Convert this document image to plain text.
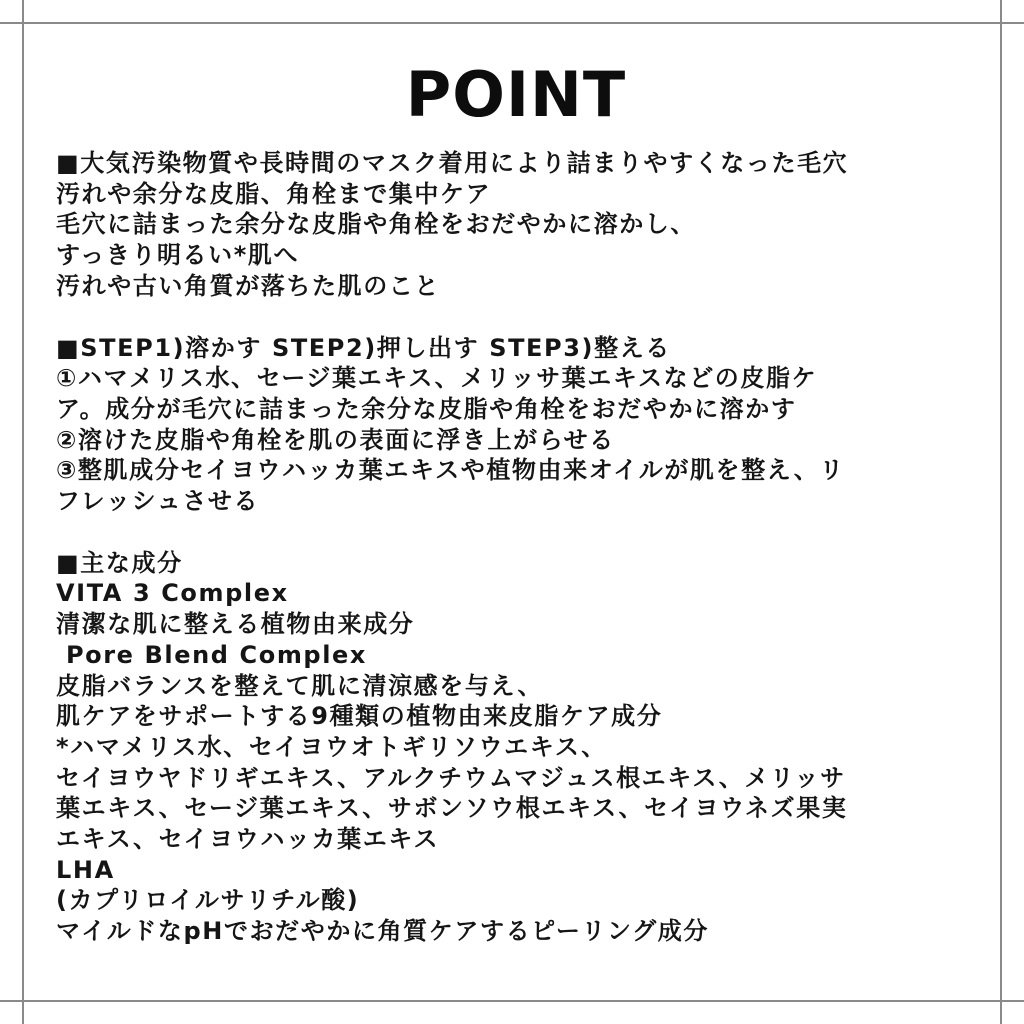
POINT
■大気汚染物質や長時間のマスク着用により詰まりやすくなった毛穴
汚れや余分な皮脂、角栓まで集中ケア
毛穴に詰まった余分な皮脂や角栓をおだやかに溶かし、
すっきり明るい*肌へ
汚れや古い角質が落ちた肌のこと
■STEP1)溶かす STEP2)押し出す STEP3)整える
①ハマメリス水、セージ葉エキス、メリッサ葉エキスなどの皮脂ケ
ア。成分が毛穴に詰まった余分な皮脂や角栓をおだやかに溶かす
②溶けた皮脂や角栓を肌の表面に浮き上がらせる
③整肌成分セイヨウハッカ葉エキスや植物由来オイルが肌を整え、リ
フレッシュさせる
■主な成分
VITA 3 Complex
清潔な肌に整える植物由来成分
Pore Blend Complex
皮脂バランスを整えて肌に清涼感を与え、
肌ケアをサポートする9種類の植物由来皮脂ケア成分
*ハマメリス水、セイヨウオトギリソウエキス、
セイヨウヤドリギエキス、アルクチウムマジュス根エキス、メリッサ
葉エキス、セージ葉エキス、サボンソウ根エキス、セイヨウネズ果実
エキス、セイヨウハッカ葉エキス
LHA
(カプリロイルサリチル酸)
マイルドなpHでおだやかに角質ケアするピーリング成分
